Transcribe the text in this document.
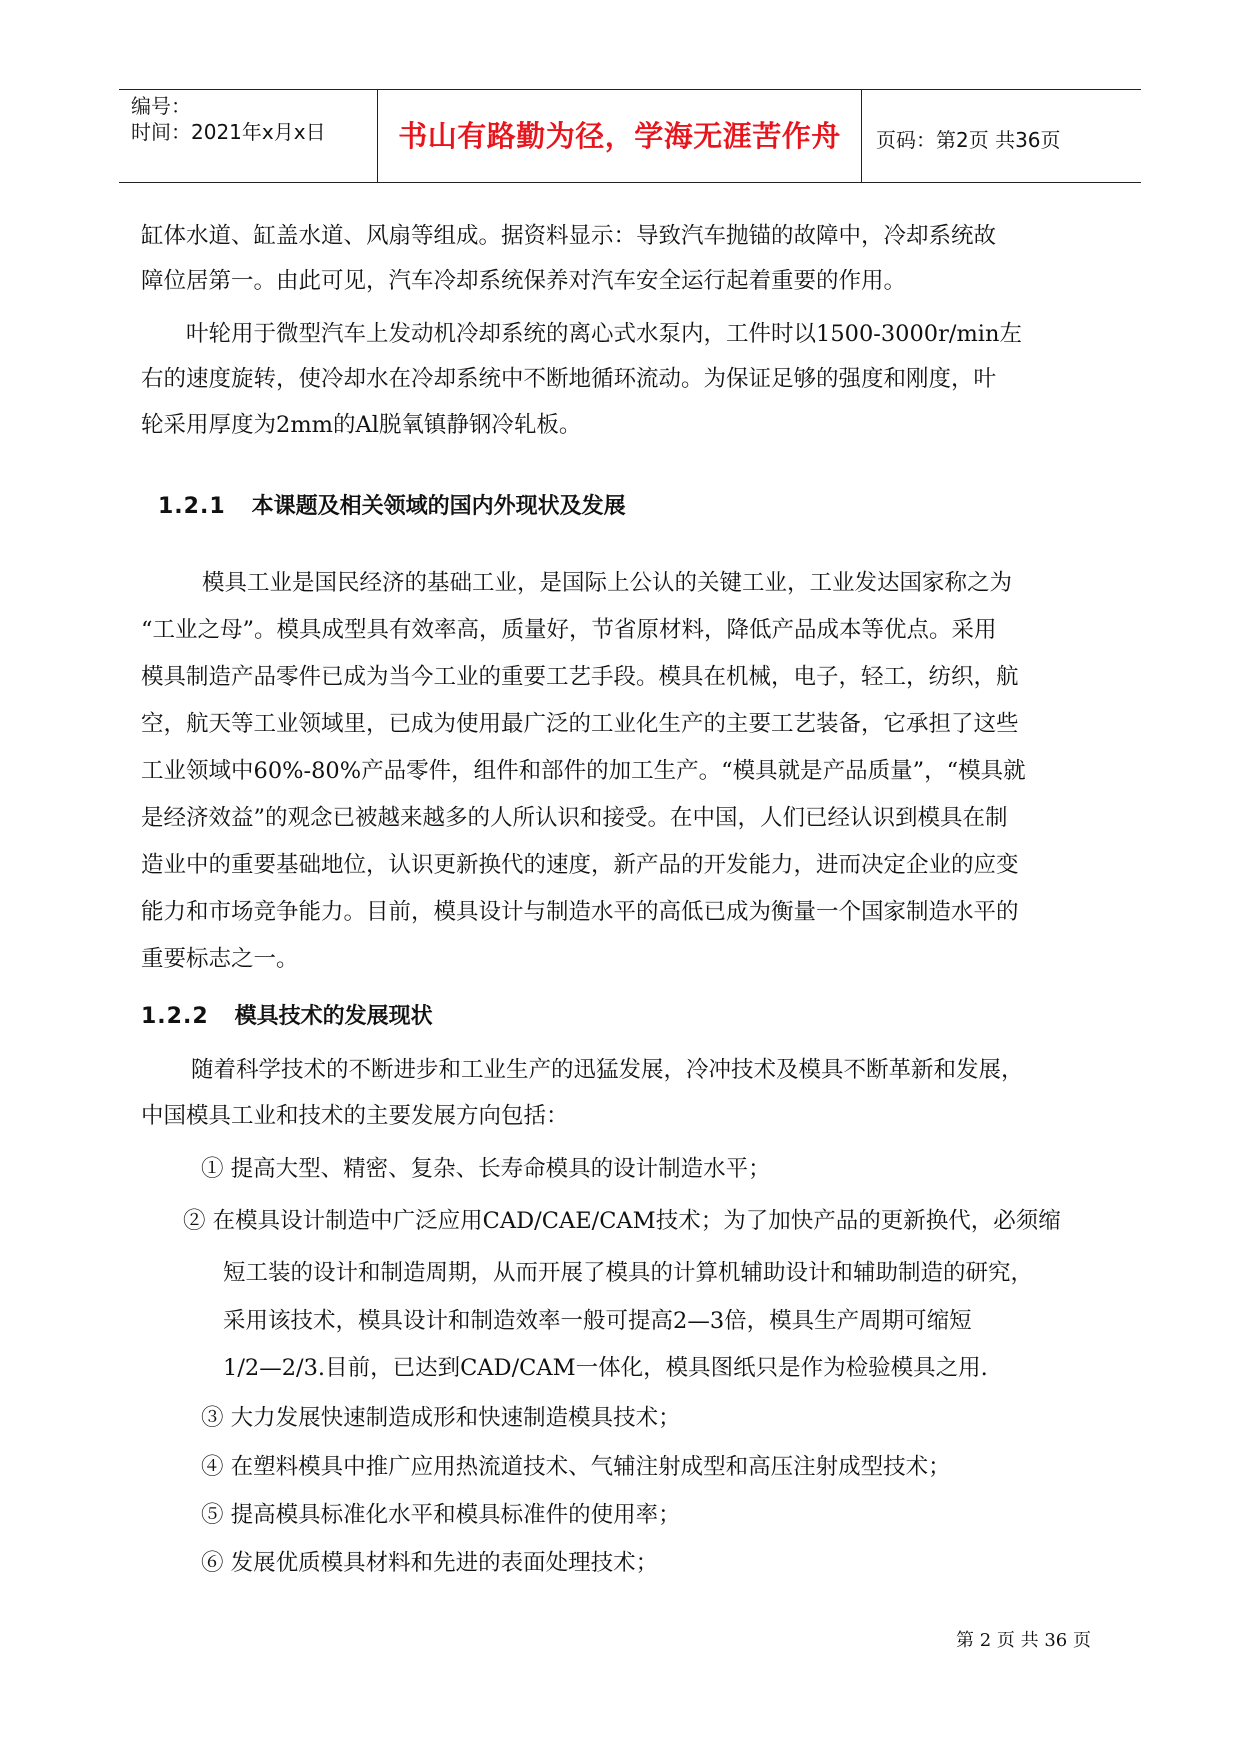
编号：
时间：2021年x月x日	书山有路勤为径，学海无涯苦作舟	页码：第2页 共36页
缸体水道、缸盖水道、风扇等组成。据资料显示：导致汽车抛锚的故障中，冷却系统故
障位居第一。由此可见，汽车冷却系统保养对汽车安全运行起着重要的作用。
叶轮用于微型汽车上发动机冷却系统的离心式水泵内，工件时以1500-3000r/min左
右的速度旋转，使冷却水在冷却系统中不断地循环流动。为保证足够的强度和刚度，叶
轮采用厚度为2mm的Al脱氧镇静钢冷轧板。
1.2.1 本课题及相关领域的国内外现状及发展
模具工业是国民经济的基础工业，是国际上公认的关键工业，工业发达国家称之为
“工业之母”。模具成型具有效率高，质量好，节省原材料，降低产品成本等优点。采用
模具制造产品零件已成为当今工业的重要工艺手段。模具在机械，电子，轻工，纺织，航
空，航天等工业领域里，已成为使用最广泛的工业化生产的主要工艺装备，它承担了这些
工业领域中60%-80%产品零件，组件和部件的加工生产。“模具就是产品质量”，“模具就
是经济效益”的观念已被越来越多的人所认识和接受。在中国，人们已经认识到模具在制
造业中的重要基础地位，认识更新换代的速度，新产品的开发能力，进而决定企业的应变
能力和市场竞争能力。目前，模具设计与制造水平的高低已成为衡量一个国家制造水平的
重要标志之一。
1.2.2 模具技术的发展现状
随着科学技术的不断进步和工业生产的迅猛发展，冷冲技术及模具不断革新和发展，
中国模具工业和技术的主要发展方向包括：
① 提高大型、精密、复杂、长寿命模具的设计制造水平；
② 在模具设计制造中广泛应用CAD/CAE/CAM技术；为了加快产品的更新换代，必须缩
短工装的设计和制造周期，从而开展了模具的计算机辅助设计和辅助制造的研究，
采用该技术，模具设计和制造效率一般可提高2—3倍，模具生产周期可缩短
1/2—2/3.目前，已达到CAD/CAM一体化，模具图纸只是作为检验模具之用.
③ 大力发展快速制造成形和快速制造模具技术；
④ 在塑料模具中推广应用热流道技术、气辅注射成型和高压注射成型技术；
⑤ 提高模具标准化水平和模具标准件的使用率；
⑥ 发展优质模具材料和先进的表面处理技术；
第 2 页 共 36 页
